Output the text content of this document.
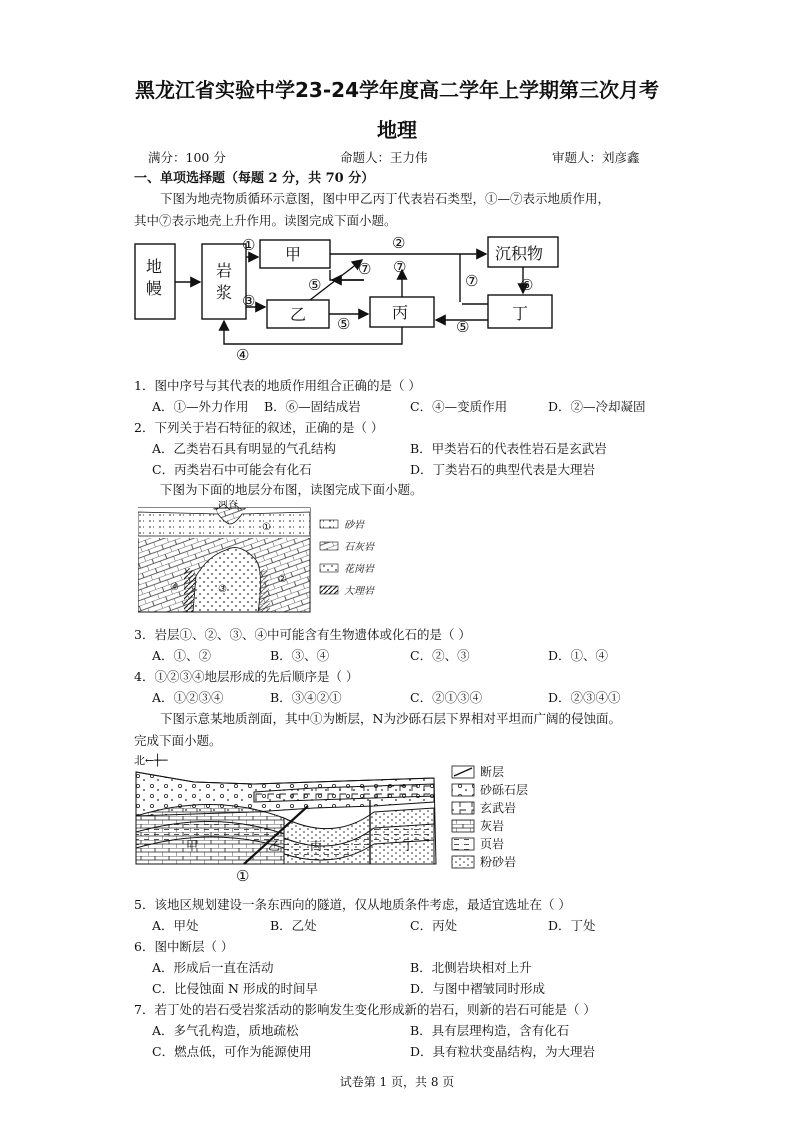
黑龙江省实验中学23-24学年度高二学年上学期第三次月考
地理
满分：100 分	命题人：王力伟	审题人：刘彦鑫
一、单项选择题（每题 2 分，共 70 分）
下图为地壳物质循环示意图，图中甲乙丙丁代表岩石类型，①—⑦表示地质作用，
其中⑦表示地壳上升作用。读图完成下面小题。
地
幔
岩
浆
甲
乙	丙
沉积物
丁
①	②
③
④
⑤
⑤	⑤
⑥
⑦ ⑦
⑦
1．图中序号与其代表的地质作用组合正确的是（ ）
A．①—外力作用 B．⑥—固结成岩	C．④—变质作用	D．②—冷却凝固
2．下列关于岩石特征的叙述，正确的是（ ）
A．乙类岩石具有明显的气孔结构	B．甲类岩石的代表性岩石是玄武岩
C．丙类岩石中可能会有化石	D．丁类岩石的典型代表是大理岩
下图为下面的地层分布图，读图完成下面小题。
河谷
①
②
③
④
砂岩
石灰岩
花岗岩
大理岩
3．岩层①、②、③、④中可能含有生物遗体或化石的是（ ）
A．①、②	B．③、④	C．②、③	D．①、④
4．①②③④地层形成的先后顺序是（ ）
A．①②③④	B．③④②①	C．②①③④	D．②③④①
下图示意某地质剖面，其中①为断层，N为沙砾石层下界相对平坦而广阔的侵蚀面。
完成下面小题。
北←┼─
甲	乙 丙	丁
①
断层
砂砾石层
玄武岩
灰岩
页岩
粉砂岩
5．该地区规划建设一条东西向的隧道，仅从地质条件考虑，最适宜选址在（ ）
A．甲处	B．乙处	C．丙处	D．丁处
6．图中断层（ ）
A．形成后一直在活动	B．北侧岩块相对上升
C．比侵蚀面 N 形成的时间早	D．与图中褶皱同时形成
7．若丁处的岩石受岩浆活动的影响发生变化形成新的岩石，则新的岩石可能是（ ）
A．多气孔构造，质地疏松	B．具有层理构造，含有化石
C．燃点低，可作为能源使用	D．具有粒状变晶结构，为大理岩
试卷第 1 页，共 8 页
